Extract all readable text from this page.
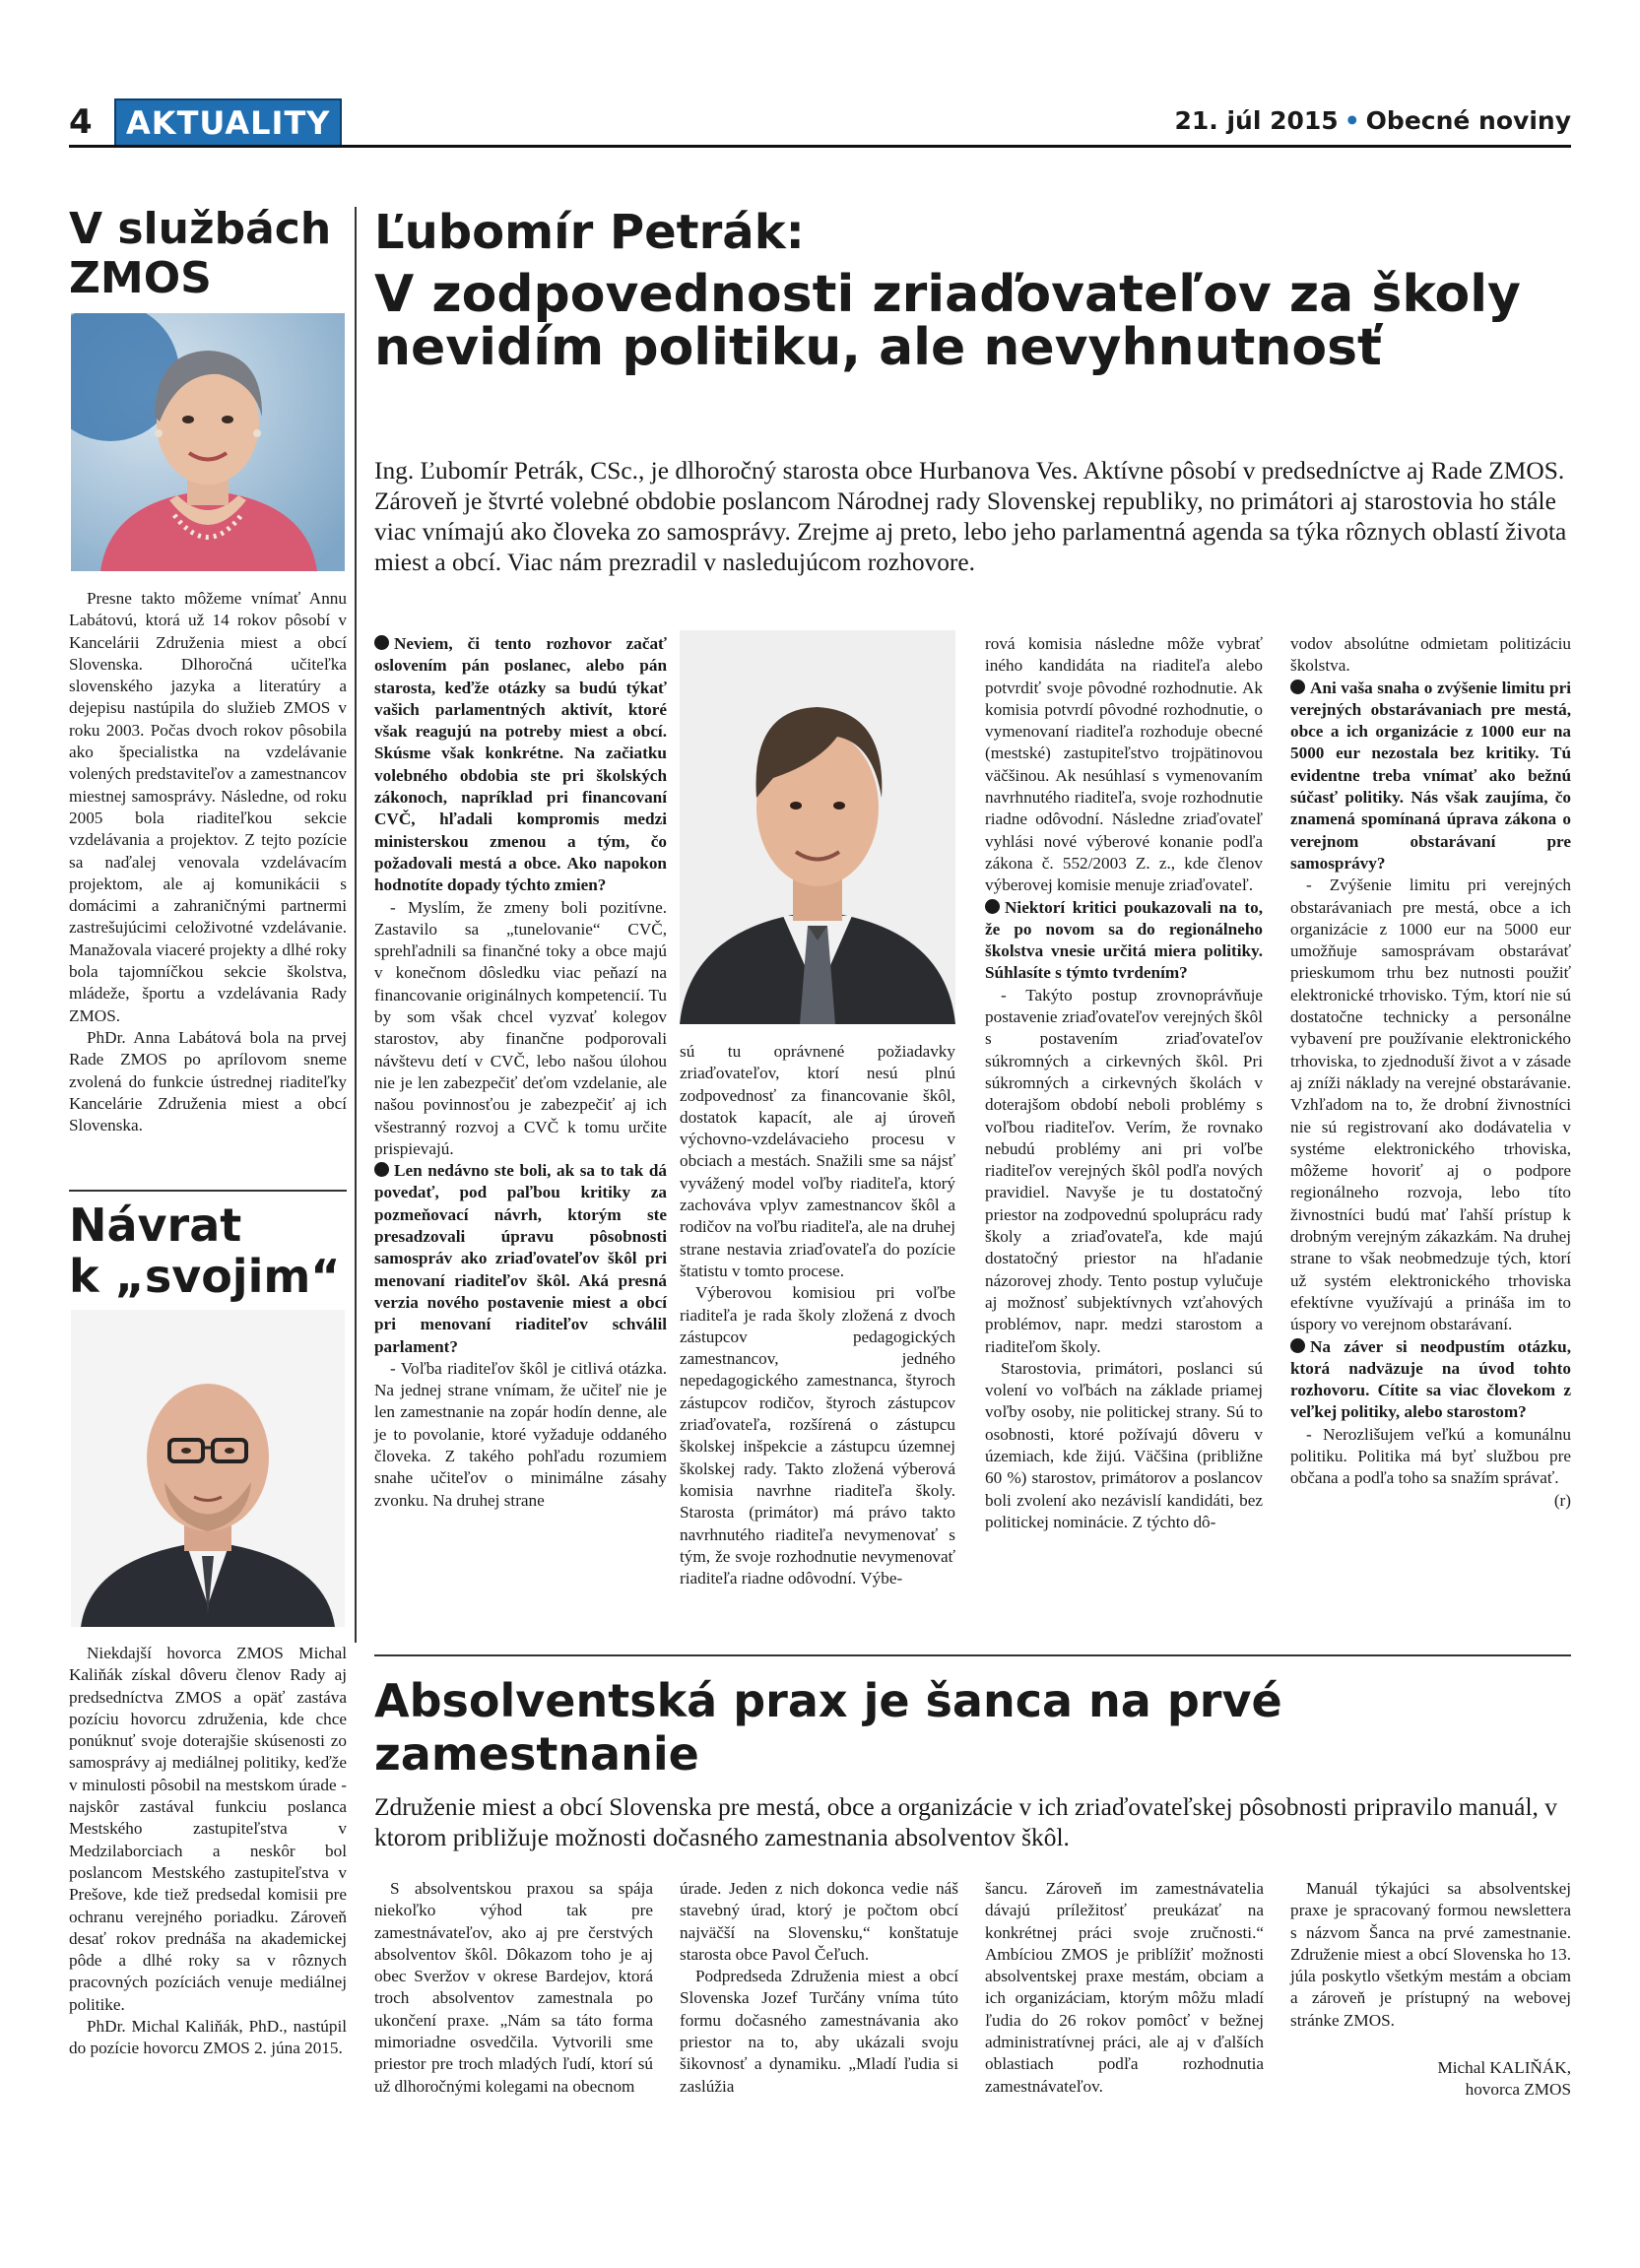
4	AKTUALITY	21. júl 2015 • Obecné noviny
V službách
ZMOS

Presne takto môžeme vnímať Annu Labátovú, ktorá už 14 rokov pôsobí v Kancelárii Združenia miest a obcí Slovenska. Dlhoročná učiteľka slovenského jazyka a literatúry a dejepisu nastúpila do služieb ZMOS v roku 2003. Počas dvoch rokov pôsobila ako špecialistka na vzdelávanie volených predstaviteľov a zamestnancov miestnej samosprávy. Následne, od roku 2005 bola riaditeľkou sekcie vzdelávania a projektov. Z tejto pozície sa naďalej venovala vzdelávacím projektom, ale aj komunikácii s domácimi a zahraničnými partnermi zastrešujúcimi celoživotné vzdelávanie. Manažovala viaceré projekty a dlhé roky bola tajomníčkou sekcie školstva, mládeže, športu a vzdelávania Rady ZMOS.

PhDr. Anna Labátová bola na prvej Rade ZMOS po aprílovom sneme zvolená do funkcie ústrednej riaditeľky Kancelárie Združenia miest a obcí Slovenska.

Návrat
k „svojim“

Niekdajší hovorca ZMOS Michal Kaliňák získal dôveru členov Rady aj predsedníctva ZMOS a opäť zastáva pozíciu hovorcu združenia, kde chce ponúknuť svoje doterajšie skúsenosti zo samosprávy aj mediálnej politiky, keďže v minulosti pôsobil na mestskom úrade - najskôr zastával funkciu poslanca Mestského zastupiteľstva v Medzilaborciach a neskôr bol poslancom Mestského zastupiteľstva v Prešove, kde tiež predsedal komisii pre ochranu verejného poriadku. Zároveň desať rokov prednáša na akademickej pôde a dlhé roky sa v rôznych pracovných pozíciách venuje mediálnej politike.

PhDr. Michal Kaliňák, PhD., nastúpil do pozície hovorcu ZMOS 2. júna 2015.

Ľubomír Petrák:
V zodpovednosti zriaďovateľov za školy nevidím politiku, ale nevyhnutnosť
Ing. Ľubomír Petrák, CSc., je dlhoročný starosta obce Hurbanova Ves. Aktívne pôsobí v predsedníctve aj Rade ZMOS. Zároveň je štvrté volebné obdobie poslancom Národnej rady Slovenskej republiky, no primátori aj starostovia ho stále viac vnímajú ako človeka zo samosprávy. Zrejme aj preto, lebo jeho parlamentná agenda sa týka rôznych oblastí života miest a obcí. Viac nám prezradil v nasledujúcom rozhovore.

Neviem, či tento rozhovor začať oslovením pán poslanec, alebo pán starosta, keďže otázky sa budú týkať vašich parlamentných aktivít, ktoré však reagujú na potreby miest a obcí. Skúsme však konkrétne. Na začiatku volebného obdobia ste pri školských zákonoch, napríklad pri financovaní CVČ, hľadali kompromis medzi ministerskou zmenou a tým, čo požadovali mestá a obce. Ako napokon hodnotíte dopady týchto zmien?

- Myslím, že zmeny boli pozitívne. Zastavilo sa „tunelovanie“ CVČ, sprehľadnili sa finančné toky a obce majú v konečnom dôsledku viac peňazí na financovanie originálnych kompetencií. Tu by som však chcel vyzvať kolegov starostov, aby finančne podporovali návštevu detí v CVČ, lebo našou úlohou nie je len zabezpečiť deťom vzdelanie, ale našou povinnosťou je zabezpečiť aj ich všestranný rozvoj a CVČ k tomu určite prispievajú.

Len nedávno ste boli, ak sa to tak dá povedať, pod paľbou kritiky za pozmeňovací návrh, ktorým ste presadzovali úpravu pôsobnosti samospráv ako zriaďovateľov škôl pri menovaní riaditeľov škôl. Aká presná verzia nového postavenie miest a obcí pri menovaní riaditeľov schválil parlament?

- Voľba riaditeľov škôl je citlivá otázka. Na jednej strane vnímam, že učiteľ nie je len zamestnanie na zopár hodín denne, ale je to povolanie, ktoré vyžaduje oddaného človeka. Z takého pohľadu rozumiem snahe učiteľov o minimálne zásahy zvonku. Na druhej strane

sú tu oprávnené požiadavky zriaďovateľov, ktorí nesú plnú zodpovednosť za financovanie škôl, dostatok kapacít, ale aj úroveň výchovno-vzdelávacieho procesu v obciach a mestách. Snažili sme sa nájsť vyvážený model voľby riaditeľa, ktorý zachováva vplyv zamestnancov škôl a rodičov na voľbu riaditeľa, ale na druhej strane nestavia zriaďovateľa do pozície štatistu v tomto procese.

Výberovou komisiou pri voľbe riaditeľa je rada školy zložená z dvoch zástupcov pedagogických zamestnancov, jedného nepedagogického zamestnanca, štyroch zástupcov rodičov, štyroch zástupcov zriaďovateľa, rozšírená o zástupcu školskej inšpekcie a zástupcu územnej školskej rady. Takto zložená výberová komisia navrhne riaditeľa školy. Starosta (primátor) má právo takto navrhnutého riaditeľa nevymenovať s tým, že svoje rozhodnutie nevymenovať riaditeľa riadne odôvodní. Výbe-

rová komisia následne môže vybrať iného kandidáta na riaditeľa alebo potvrdiť svoje pôvodné rozhodnutie. Ak komisia potvrdí pôvodné rozhodnutie, o vymenovaní riaditeľa rozhoduje obecné (mestské) zastupiteľstvo trojpätinovou väčšinou. Ak nesúhlasí s vymenovaním navrhnutého riaditeľa, svoje rozhodnutie riadne odôvodní. Následne zriaďovateľ vyhlási nové výberové konanie podľa zákona č. 552/2003 Z. z., kde členov výberovej komisie menuje zriaďovateľ.

Niektorí kritici poukazovali na to, že po novom sa do regionálneho školstva vnesie určitá miera politiky. Súhlasíte s týmto tvrdením?

- Takýto postup zrovnoprávňuje postavenie zriaďovateľov verejných škôl s postavením zriaďovateľov súkromných a cirkevných škôl. Pri súkromných a cirkevných školách v doterajšom období neboli problémy s voľbou riaditeľov. Verím, že rovnako nebudú problémy ani pri voľbe riaditeľov verejných škôl podľa nových pravidiel. Navyše je tu dostatočný priestor na zodpovednú spoluprácu rady školy a zriaďovateľa, kde majú dostatočný priestor na hľadanie názorovej zhody. Tento postup vylučuje aj možnosť subjektívnych vzťahových problémov, napr. medzi starostom a riaditeľom školy.

Starostovia, primátori, poslanci sú volení vo voľbách na základe priamej voľby osoby, nie politickej strany. Sú to osobnosti, ktoré požívajú dôveru v územiach, kde žijú. Väčšina (približne 60 %) starostov, primátorov a poslancov boli zvolení ako nezávislí kandidáti, bez politickej nominácie. Z týchto dô-

vodov absolútne odmietam politizáciu školstva.

Ani vaša snaha o zvýšenie limitu pri verejných obstarávaniach pre mestá, obce a ich organizácie z 1000 eur na 5000 eur nezostala bez kritiky. Tú evidentne treba vnímať ako bežnú súčasť politiky. Nás však zaujíma, čo znamená spomínaná úprava zákona o verejnom obstarávaní pre samosprávy?

- Zvýšenie limitu pri verejných obstarávaniach pre mestá, obce a ich organizácie z 1000 eur na 5000 eur umožňuje samosprávam obstarávať prieskumom trhu bez nutnosti použiť elektronické trhovisko. Tým, ktorí nie sú dostatočne technicky a personálne vybavení pre používanie elektronického trhoviska, to zjednoduší život a v zásade aj zníži náklady na verejné obstarávanie. Vzhľadom na to, že drobní živnostníci nie sú registrovaní ako dodávatelia v systéme elektronického trhoviska, môžeme hovoriť aj o podpore regionálneho rozvoja, lebo títo živnostníci budú mať ľahší prístup k drobným verejným zákazkám. Na druhej strane to však neobmedzuje tých, ktorí už systém elektronického trhoviska efektívne využívajú a prináša im to úspory vo verejnom obstarávaní.

Na záver si neodpustím otázku, ktorá nadväzuje na úvod tohto rozhovoru. Cítite sa viac človekom z veľkej politiky, alebo starostom?

- Nerozlišujem veľkú a komunálnu politiku. Politika má byť službou pre občana a podľa toho sa snažím správať.

(r)

Absolventská prax je šanca na prvé zamestnanie
Združenie miest a obcí Slovenska pre mestá, obce a organizácie v ich zriaďovateľskej pôsobnosti pripravilo manuál, v ktorom približuje možnosti dočasného zamestnania absolventov škôl.

S absolventskou praxou sa spája niekoľko výhod tak pre zamestnávateľov, ako aj pre čerstvých absolventov škôl. Dôkazom toho je aj obec Sveržov v okrese Bardejov, ktorá troch absolventov zamestnala po ukončení praxe. „Nám sa táto forma mimoriadne osvedčila. Vytvorili sme priestor pre troch mladých ľudí, ktorí sú už dlhoročnými kolegami na obecnom

úrade. Jeden z nich dokonca vedie náš stavebný úrad, ktorý je počtom obcí najväčší na Slovensku,“ konštatuje starosta obce Pavol Čeľuch.

Podpredseda Združenia miest a obcí Slovenska Jozef Turčány vníma túto formu dočasného zamestnávania ako priestor na to, aby ukázali svoju šikovnosť a dynamiku. „Mladí ľudia si zaslúžia

šancu. Zároveň im zamestnávatelia dávajú príležitosť preukázať na konkrétnej práci svoje zručnosti.“ Ambíciou ZMOS je priblížiť možnosti absolventskej praxe mestám, obciam a ich organizáciam, ktorým môžu mladí ľudia do 26 rokov pomôcť v bežnej administratívnej práci, ale aj v ďalších oblastiach podľa rozhodnutia zamestnávateľov.

Manuál týkajúci sa absolventskej praxe je spracovaný formou newslettera s názvom Šanca na prvé zamestnanie. Združenie miest a obcí Slovenska ho 13. júla poskytlo všetkým mestám a obciam a zároveň je prístupný na webovej stránke ZMOS.

Michal KALIŇÁK,

hovorca ZMOS
